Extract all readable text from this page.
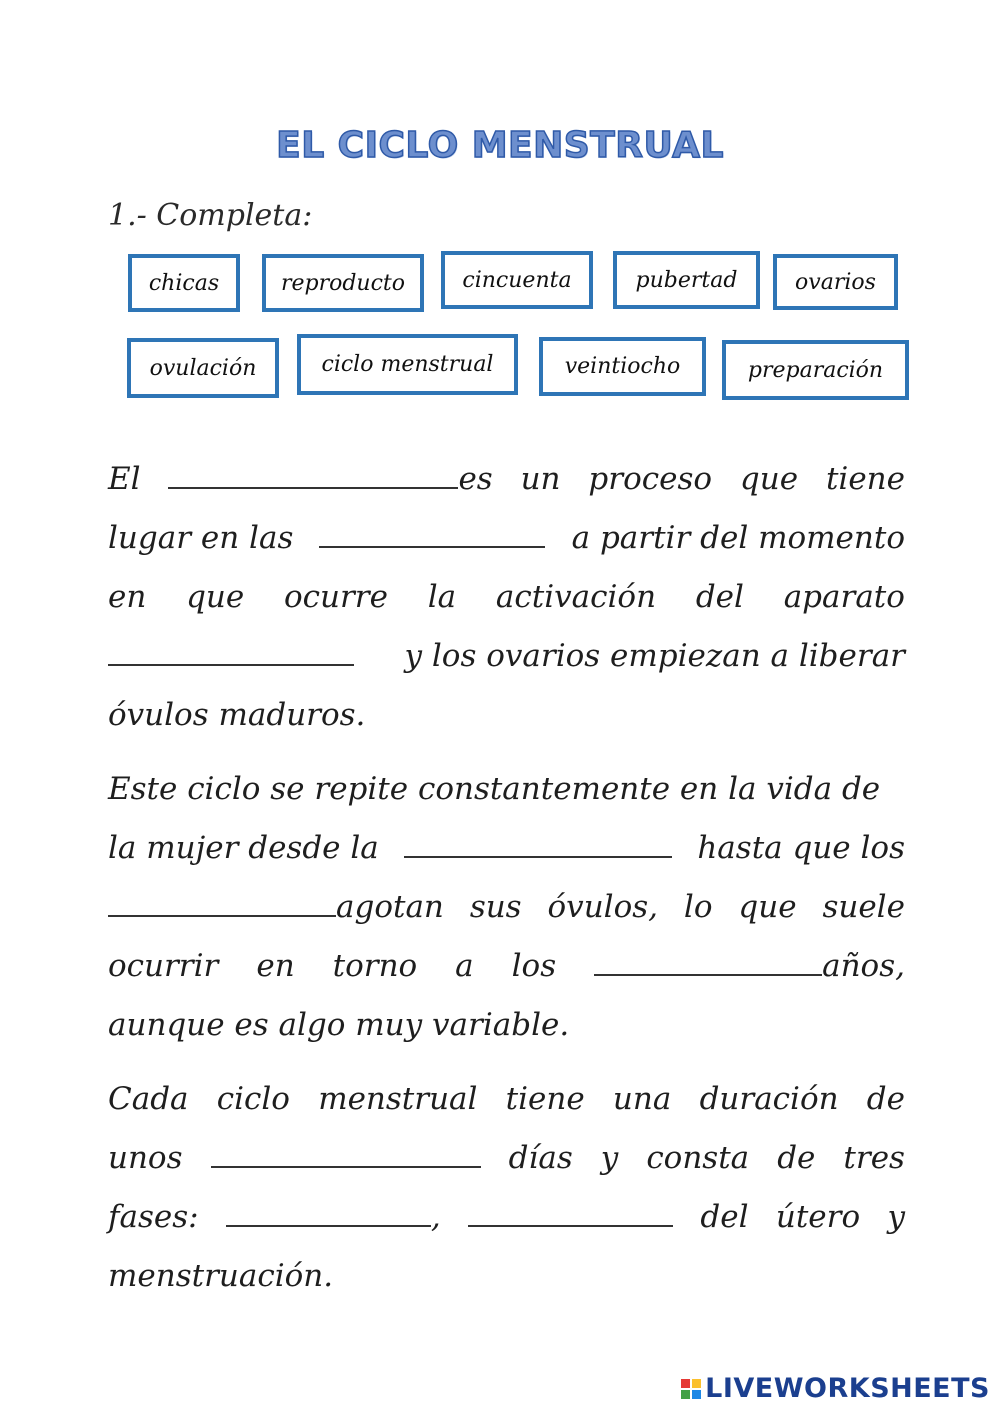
EL CICLO MENSTRUAL
1.- Completa:
chicas	reproducto	cincuenta	pubertad	ovarios
ovulación	ciclo menstrual	veintiocho	preparación
El	es un proceso que tiene
lugar en las	a partir del momento
en que ocurre la activación del aparato
y los ovarios empiezan a liberar
óvulos maduros.
Este ciclo se repite constantemente en la vida de
la mujer desde la	hasta que los
agotan sus óvulos, lo que suele
ocurrir en torno a los	años,
aunque es algo muy variable.
Cada ciclo menstrual tiene una duración de
unos	días y consta de tres
fases:	,	del útero y
menstruación.
LIVEWORKSHEETS
